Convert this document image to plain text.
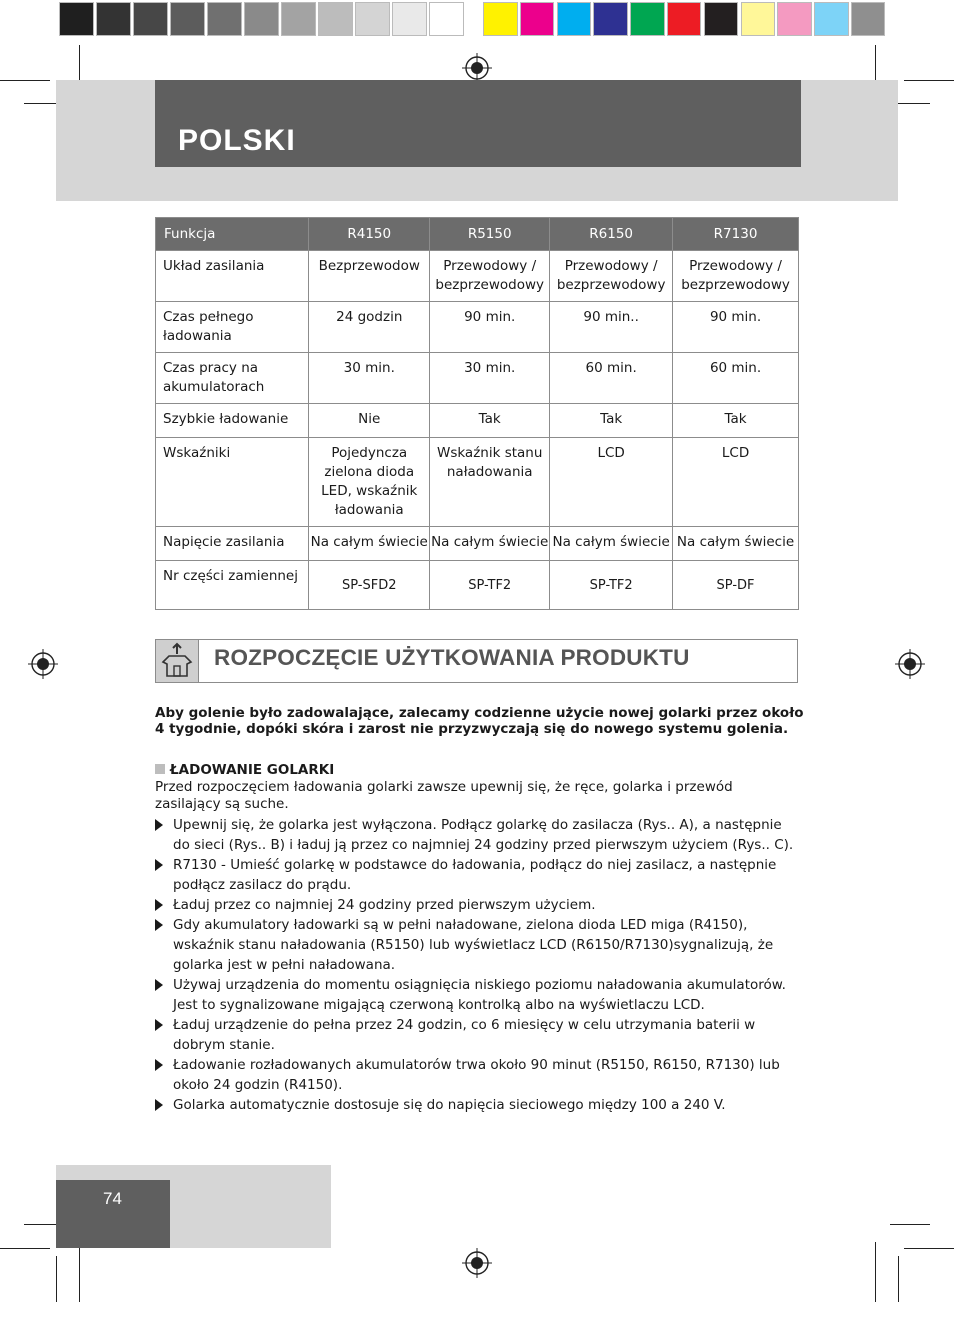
POLSKI
Funkcja	R4150	R5150	R6150	R7130
Układ zasilania	Bezprzewodow	Przewodowy / bezprzewodowy	Przewodowy / bezprzewodowy	Przewodowy / bezprzewodowy
Czas pełnego ładowania	24 godzin	90 min.	90 min..	90 min.
Czas pracy na akumulatorach	30 min.	30 min.	60 min.	60 min.
Szybkie ładowanie	Nie	Tak	Tak	Tak
Wskaźniki	Pojedyncza zielona dioda LED, wskaźnik ładowania	Wskaźnik stanu naładowania	LCD	LCD
Napięcie zasilania	Na całym świecie	Na całym świecie	Na całym świecie	Na całym świecie
Nr części zamiennej	SP-SFD2	SP-TF2	SP-TF2	SP-DF
ROZPOCZĘCIE UŻYTKOWANIA PRODUKTU
Aby golenie było zadowalające, zalecamy codzienne użycie nowej golarki przez około 4 tygodnie, dopóki skóra i zarost nie przyzwyczają się do nowego systemu golenia.
ŁADOWANIE GOLARKI
Przed rozpoczęciem ładowania golarki zawsze upewnij się, że ręce, golarka i przewód zasilający są suche.
Upewnij się, że golarka jest wyłączona. Podłącz golarkę do zasilacza (Rys.. A), a następnie do sieci (Rys.. B) i ładuj ją przez co najmniej 24 godziny przed pierwszym użyciem (Rys.. C).
R7130 - Umieść golarkę w podstawce do ładowania, podłącz do niej zasilacz, a następnie podłącz zasilacz do prądu.
Ładuj przez co najmniej 24 godziny przed pierwszym użyciem.
Gdy akumulatory ładowarki są w pełni naładowane, zielona dioda LED miga (R4150), wskaźnik stanu naładowania (R5150) lub wyświetlacz LCD (R6150/R7130)sygnalizują, że golarka jest w pełni naładowana.
Używaj urządzenia do momentu osiągnięcia niskiego poziomu naładowania akumulatorów. Jest to sygnalizowane migającą czerwoną kontrolką albo na wyświetlaczu LCD.
Ładuj urządzenie do pełna przez 24 godzin, co 6 miesięcy w celu utrzymania baterii w dobrym stanie.
Ładowanie rozładowanych akumulatorów trwa około 90 minut (R5150, R6150, R7130) lub około 24 godzin (R4150).
Golarka automatycznie dostosuje się do napięcia sieciowego między 100 a 240 V.
74
